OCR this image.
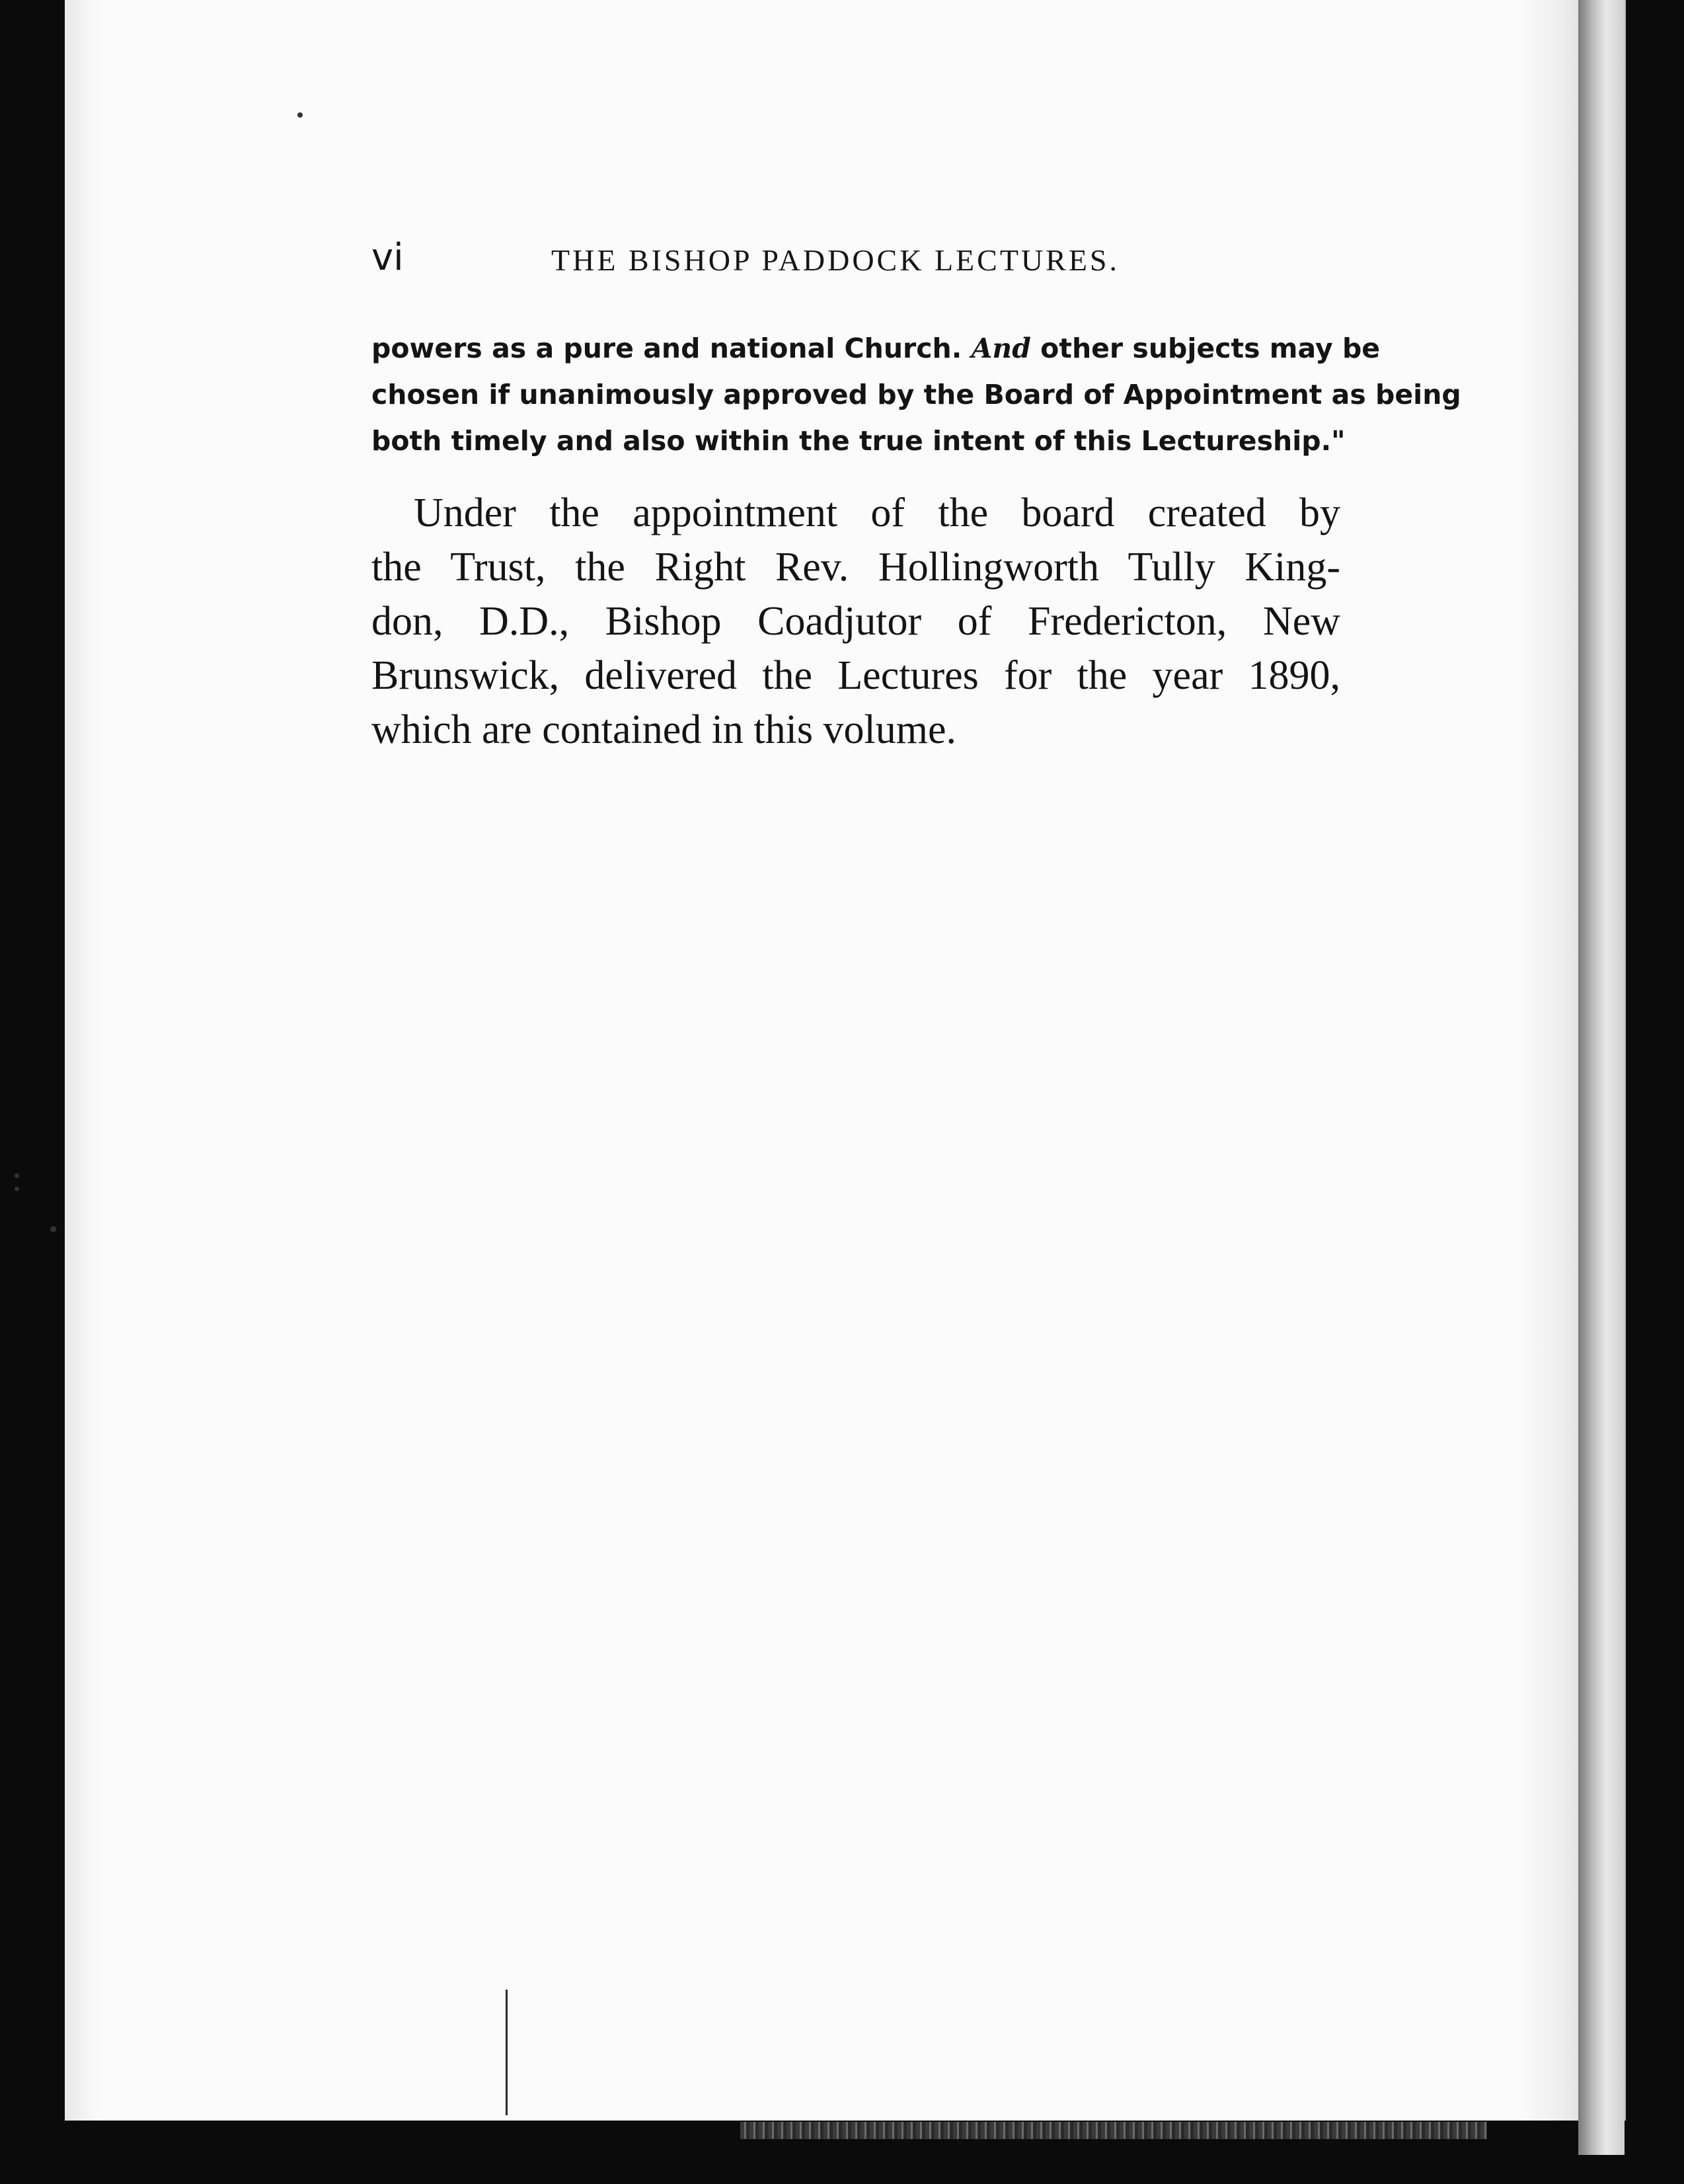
vi	THE BISHOP PADDOCK LECTURES.
powers as a pure and national Church. And other subjects may be
chosen if unanimously approved by the Board of Appointment as being
both timely and also within the true intent of this Lectureship."
Under the appointment of the board created by
the Trust, the Right Rev. Hollingworth Tully King-
don, D.D., Bishop Coadjutor of Fredericton, New
Brunswick, delivered the Lectures for the year 1890,
which are contained in this volume.
